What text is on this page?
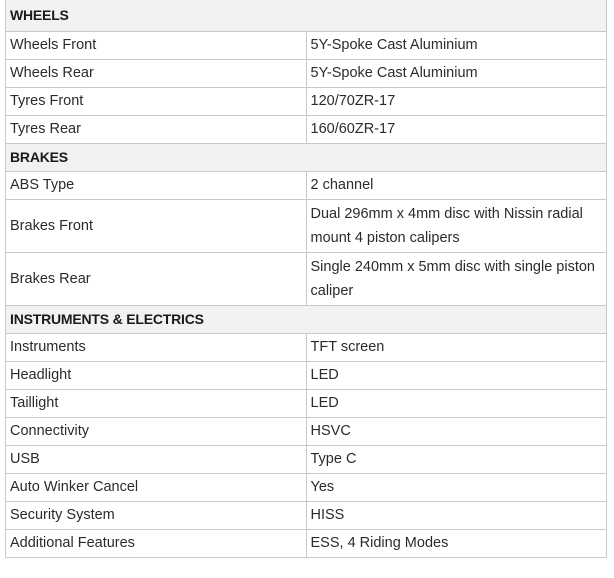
WHEELS	
Wheels Front	5Y-Spoke Cast Aluminium
Wheels Rear	5Y-Spoke Cast Aluminium
Tyres Front	120/70ZR-17
Tyres Rear	160/60ZR-17
BRAKES	
ABS Type	2 channel
Brakes Front	Dual 296mm x 4mm disc with Nissin radial mount 4 piston calipers
Brakes Rear	Single 240mm x 5mm disc with single piston caliper
INSTRUMENTS & ELECTRICS	
Instruments	TFT screen
Headlight	LED
Taillight	LED
Connectivity	HSVC
USB	Type C
Auto Winker Cancel	Yes
Security System	HISS
Additional Features	ESS, 4 Riding Modes
